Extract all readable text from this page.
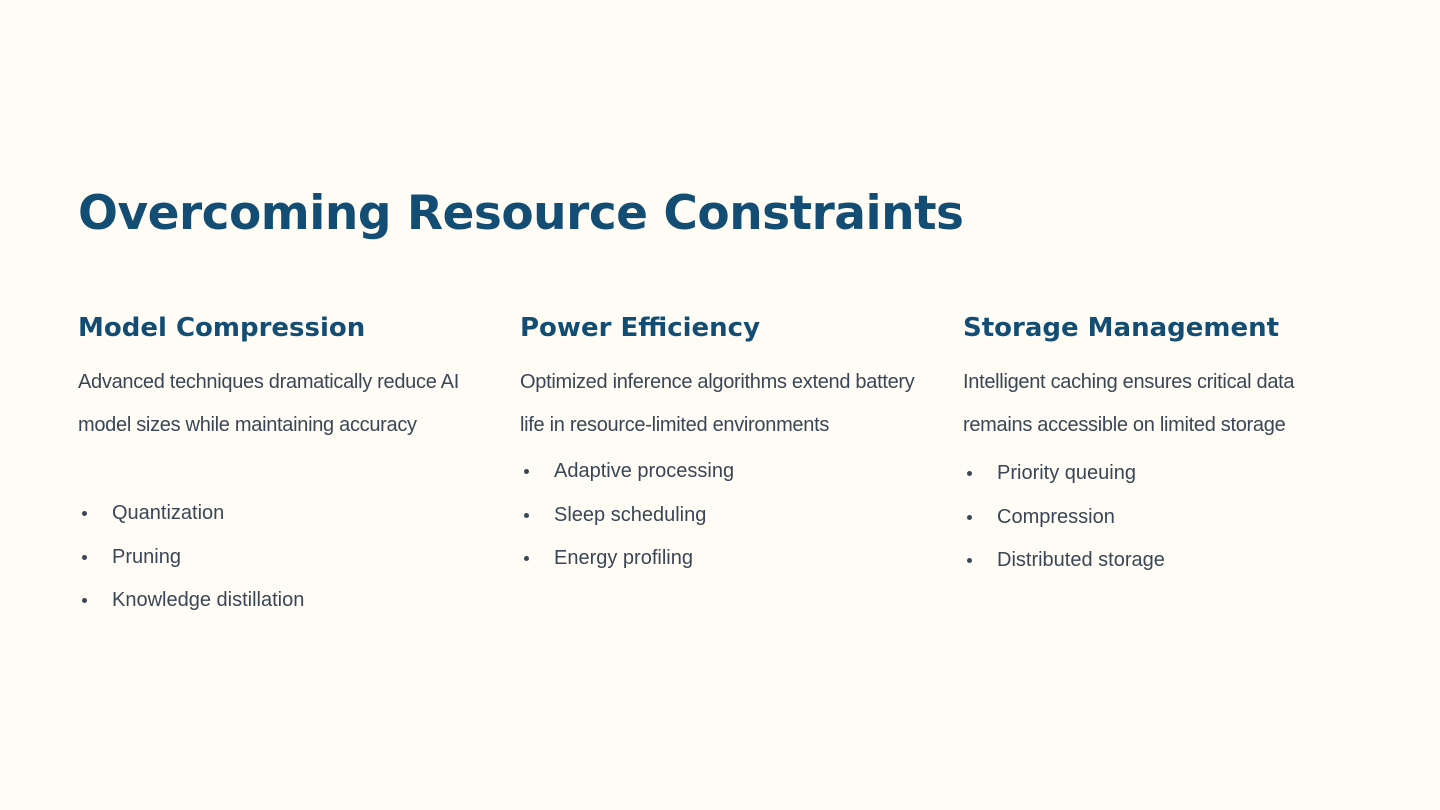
Overcoming Resource Constraints
Model Compression

Advanced techniques dramatically reduce AI model sizes while maintaining accuracy

Quantization
Pruning
Knowledge distillation
Power Efficiency

Optimized inference algorithms extend battery life in resource-limited environments

Adaptive processing
Sleep scheduling
Energy profiling
Storage Management

Intelligent caching ensures critical data remains accessible on limited storage

Priority queuing
Compression
Distributed storage
